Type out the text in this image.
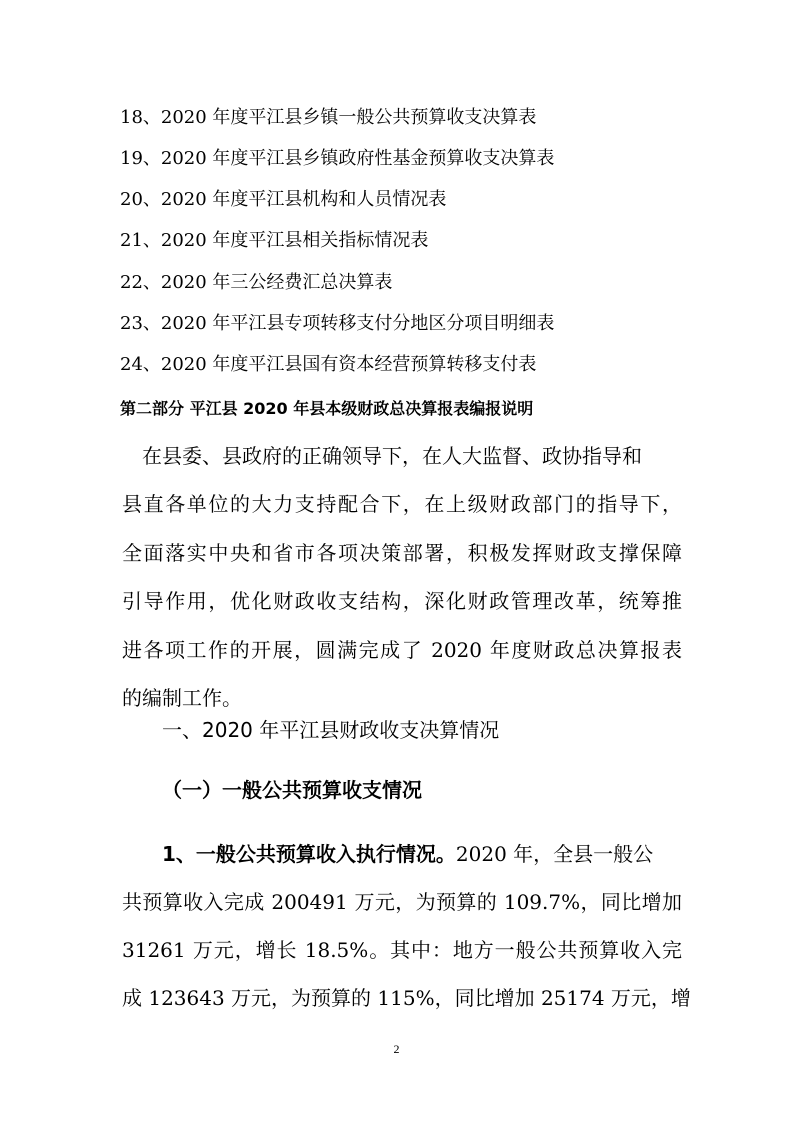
18、2020 年度平江县乡镇一般公共预算收支决算表
19、2020 年度平江县乡镇政府性基金预算收支决算表
20、2020 年度平江县机构和人员情况表
21、2020 年度平江县相关指标情况表
22、2020 年三公经费汇总决算表
23、2020 年平江县专项转移支付分地区分项目明细表
24、2020 年度平江县国有资本经营预算转移支付表
第二部分 平江县 2020 年县本级财政总决算报表编报说明
在县委、县政府的正确领导下，在人大监督、政协指导和
县直各单位的大力支持配合下，在上级财政部门的指导下，
全面落实中央和省市各项决策部署，积极发挥财政支撑保障
引导作用，优化财政收支结构，深化财政管理改革，统筹推
进各项工作的开展，圆满完成了 2020 年度财政总决算报表
的编制工作。
一、2020 年平江县财政收支决算情况
（一）一般公共预算收支情况
1、一般公共预算收入执行情况。2020 年，全县一般公
共预算收入完成 200491 万元，为预算的 109.7%，同比增加
31261 万元，增长 18.5%。其中：地方一般公共预算收入完
成 123643 万元，为预算的 115%，同比增加 25174 万元，增
2
